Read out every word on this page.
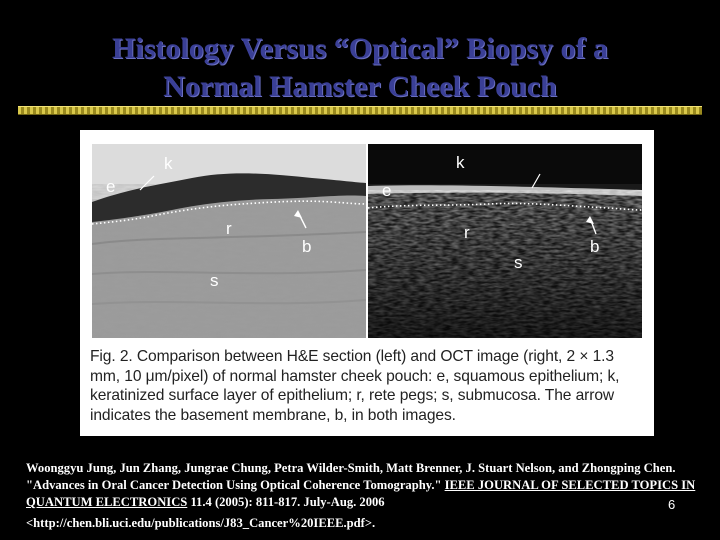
Histology Versus “Optical” Biopsy of a
Normal Hamster Cheek Pouch
k
e
r
b
s
k
e
r
b
s
Fig. 2. Comparison between H&E section (left) and OCT image (right, 2 × 1.3 mm, 10 μm/pixel) of normal hamster cheek pouch: e, squamous epithelium; k, keratinized surface layer of epithelium; r, rete pegs; s, submucosa. The arrow indicates the basement membrane, b, in both images.

Woonggyu Jung, Jun Zhang, Jungrae Chung, Petra Wilder-Smith, Matt Brenner, J. Stuart Nelson, and Zhongping Chen. "Advances in Oral Cancer Detection Using Optical Coherence Tomography." IEEE JOURNAL OF SELECTED TOPICS IN QUANTUM ELECTRONICS 11.4 (2005): 811-817. July-Aug. 2006

<http://chen.bli.uci.edu/publications/J83_Cancer%20IEEE.pdf>.

6
